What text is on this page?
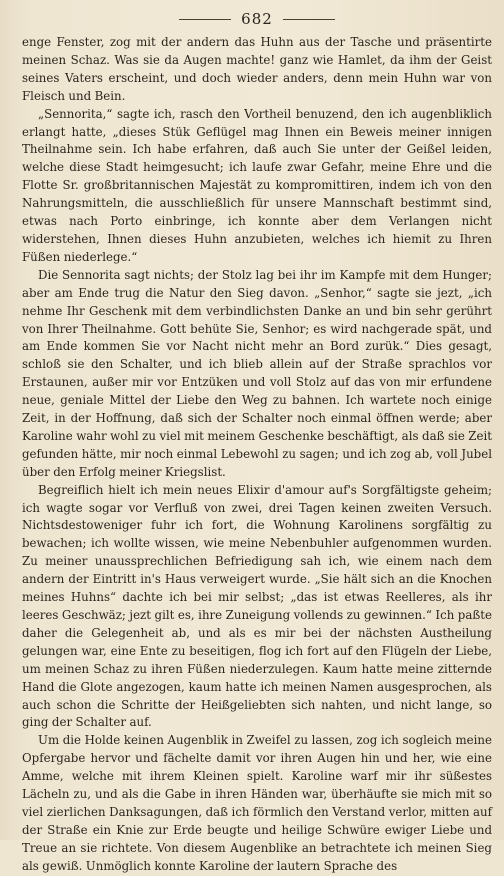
682

enge Fenster, zog mit der andern das Huhn aus der Tasche und präsentirte meinen Schaz. Was sie da Augen machte! ganz wie Hamlet, da ihm der Geist seines Vaters erscheint, und doch wieder anders, denn mein Huhn war von Fleisch und Bein.

„Sennorita,“ sagte ich, rasch den Vortheil benuzend, den ich augenbliklich erlangt hatte, „dieses Stük Geflügel mag Ihnen ein Beweis meiner innigen Theilnahme sein. Ich habe erfahren, daß auch Sie unter der Geißel leiden, welche diese Stadt heimgesucht; ich laufe zwar Gefahr, meine Ehre und die Flotte Sr. großbritannischen Majestät zu kompromittiren, indem ich von den Nahrungsmitteln, die ausschließlich für unsere Mannschaft bestimmt sind, etwas nach Porto einbringe, ich konnte aber dem Verlangen nicht widerstehen, Ihnen dieses Huhn anzubieten, welches ich hiemit zu Ihren Füßen niederlege.“

Die Sennorita sagt nichts; der Stolz lag bei ihr im Kampfe mit dem Hunger; aber am Ende trug die Natur den Sieg davon. „Senhor,“ sagte sie jezt, „ich nehme Ihr Geschenk mit dem verbindlichsten Danke an und bin sehr gerührt von Ihrer Theilnahme. Gott behüte Sie, Senhor; es wird nachgerade spät, und am Ende kommen Sie vor Nacht nicht mehr an Bord zurük.“ Dies gesagt, schloß sie den Schalter, und ich blieb allein auf der Straße sprachlos vor Erstaunen, außer mir vor Entzüken und voll Stolz auf das von mir erfundene neue, geniale Mittel der Liebe den Weg zu bahnen. Ich wartete noch einige Zeit, in der Hoffnung, daß sich der Schalter noch einmal öffnen werde; aber Karoline wahr wohl zu viel mit meinem Geschenke beschäftigt, als daß sie Zeit gefunden hätte, mir noch einmal Lebewohl zu sagen; und ich zog ab, voll Jubel über den Erfolg meiner Kriegslist.

Begreiflich hielt ich mein neues Elixir d'amour auf's Sorgfältigste geheim; ich wagte sogar vor Verfluß von zwei, drei Tagen keinen zweiten Versuch. Nichtsdestoweniger fuhr ich fort, die Wohnung Karolinens sorgfältig zu bewachen; ich wollte wissen, wie meine Nebenbuhler aufgenommen wurden. Zu meiner unaussprechlichen Befriedigung sah ich, wie einem nach dem andern der Eintritt in's Haus verweigert wurde. „Sie hält sich an die Knochen meines Huhns“ dachte ich bei mir selbst; „das ist etwas Reelleres, als ihr leeres Geschwäz; jezt gilt es, ihre Zuneigung vollends zu gewinnen.“ Ich paßte daher die Gelegenheit ab, und als es mir bei der nächsten Austheilung gelungen war, eine Ente zu beseitigen, flog ich fort auf den Flügeln der Liebe, um meinen Schaz zu ihren Füßen niederzulegen. Kaum hatte meine zitternde Hand die Glote angezogen, kaum hatte ich meinen Namen ausgesprochen, als auch schon die Schritte der Heißgeliebten sich nahten, und nicht lange, so ging der Schalter auf.

Um die Holde keinen Augenblik in Zweifel zu lassen, zog ich sogleich meine Opfergabe hervor und fächelte damit vor ihren Augen hin und her, wie eine Amme, welche mit ihrem Kleinen spielt. Karoline warf mir ihr süßestes Lächeln zu, und als die Gabe in ihren Händen war, überhäufte sie mich mit so viel zierlichen Danksagungen, daß ich förmlich den Verstand verlor, mitten auf der Straße ein Knie zur Erde beugte und heilige Schwüre ewiger Liebe und Treue an sie richtete. Von diesem Augenblike an betrachtete ich meinen Sieg als gewiß. Unmöglich konnte Karoline der lautern Sprache des
